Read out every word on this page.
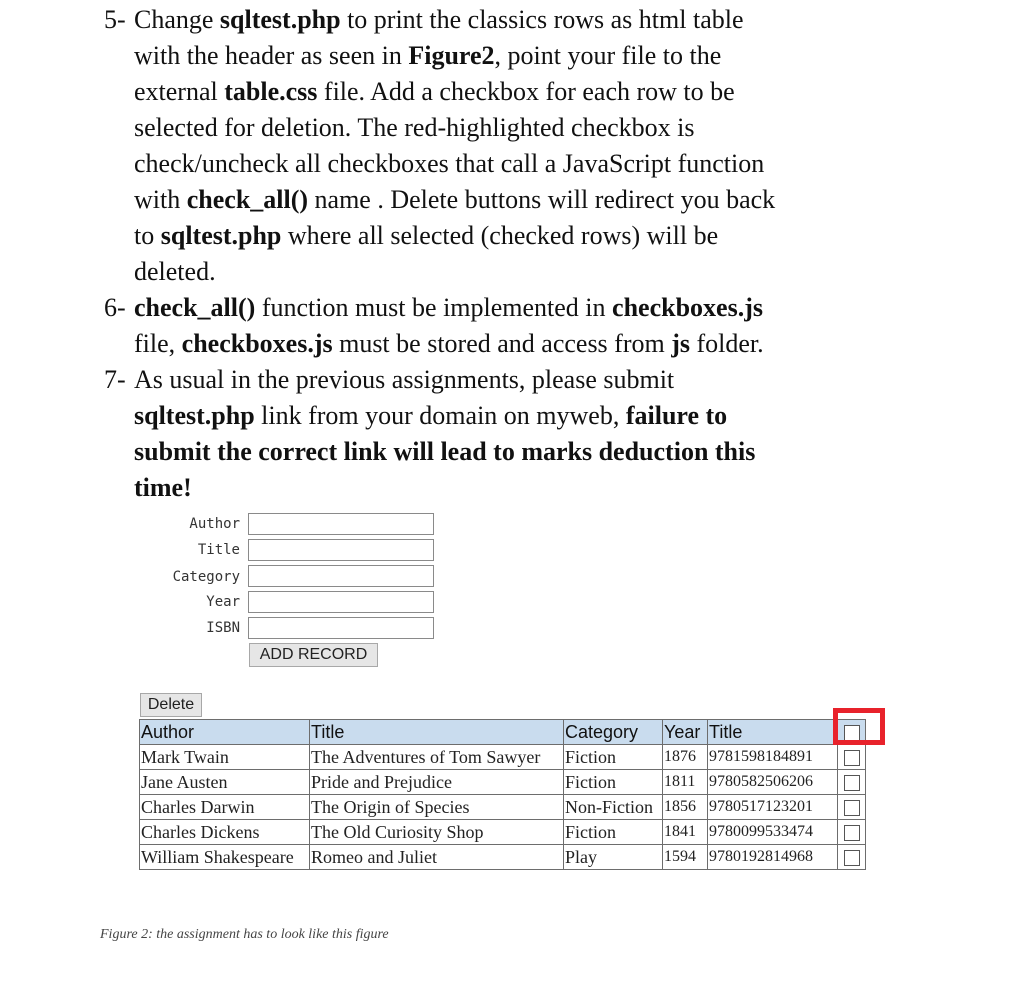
5- Change sqltest.php to print the classics rows as html table
with the header as seen in Figure2, point your file to the
external table.css file. Add a checkbox for each row to be
selected for deletion. The red-highlighted checkbox is
check/uncheck all checkboxes that call a JavaScript function
with check_all() name . Delete buttons will redirect you back
to sqltest.php where all selected (checked rows) will be
deleted.
6- check_all() function must be implemented in checkboxes.js
file, checkboxes.js must be stored and access from js folder.
7- As usual in the previous assignments, please submit
sqltest.php link from your domain on myweb, failure to
submit the correct link will lead to marks deduction this
time!
Author
Title
Category
Year
ISBN
ADD RECORD
Delete
Author	Title	Category	Year	Title	
Mark Twain	The Adventures of Tom Sawyer	Fiction	1876	9781598184891	
Jane Austen	Pride and Prejudice	Fiction	1811	9780582506206	
Charles Darwin	The Origin of Species	Non-Fiction	1856	9780517123201	
Charles Dickens	The Old Curiosity Shop	Fiction	1841	9780099533474	
William Shakespeare	Romeo and Juliet	Play	1594	9780192814968	
Figure 2: the assignment has to look like this figure
